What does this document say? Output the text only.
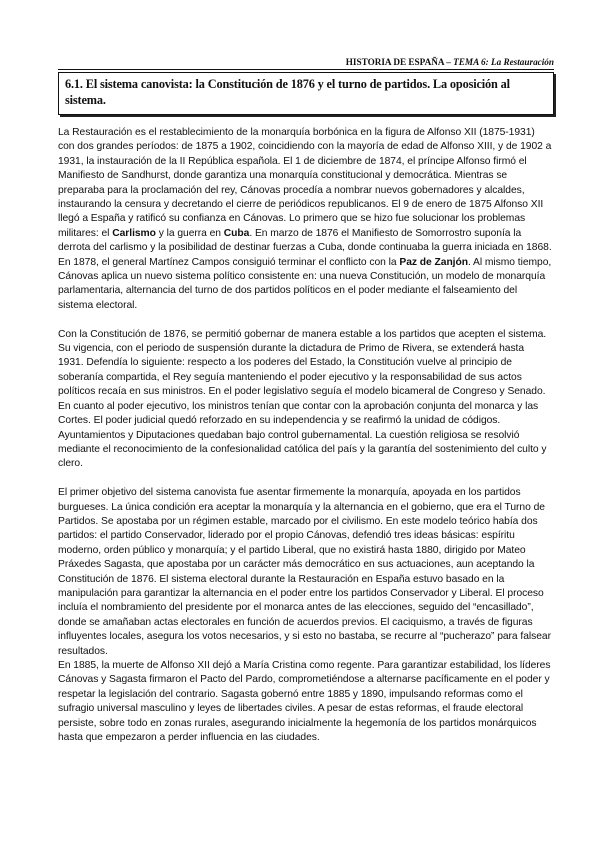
HISTORIA DE ESPAÑA – TEMA 6: La Restauración
6.1. El sistema canovista: la Constitución de 1876 y el turno de partidos. La oposición al sistema.

La Restauración es el restablecimiento de la monarquía borbónica en la figura de Alfonso XII (1875-1931) con dos grandes períodos: de 1875 a 1902, coincidiendo con la mayoría de edad de Alfonso XIII, y de 1902 a 1931, la instauración de la II República española. El 1 de diciembre de 1874, el príncipe Alfonso firmó el Manifiesto de Sandhurst, donde garantiza una monarquía constitucional y democrática. Mientras se preparaba para la proclamación del rey, Cánovas procedía a nombrar nuevos gobernadores y alcaldes, instaurando la censura y decretando el cierre de periódicos republicanos. El 9 de enero de 1875 Alfonso XII llegó a España y ratificó su confianza en Cánovas. Lo primero que se hizo fue solucionar los problemas militares: el Carlismo y la guerra en Cuba. En marzo de 1876 el Manifiesto de Somorrostro suponía la derrota del carlismo y la posibilidad de destinar fuerzas a Cuba, donde continuaba la guerra iniciada en 1868. En 1878, el general Martínez Campos consiguió terminar el conflicto con la Paz de Zanjón. Al mismo tiempo, Cánovas aplica un nuevo sistema político consistente en: una nueva Constitución, un modelo de monarquía parlamentaria, alternancia del turno de dos partidos políticos en el poder mediante el falseamiento del sistema electoral.

Con la Constitución de 1876, se permitió gobernar de manera estable a los partidos que acepten el sistema. Su vigencia, con el periodo de suspensión durante la dictadura de Primo de Rivera, se extenderá hasta 1931. Defendía lo siguiente: respecto a los poderes del Estado, la Constitución vuelve al principio de soberanía compartida, el Rey seguía manteniendo el poder ejecutivo y la responsabilidad de sus actos políticos recaía en sus ministros. En el poder legislativo seguía el modelo bicameral de Congreso y Senado. En cuanto al poder ejecutivo, los ministros tenían que contar con la aprobación conjunta del monarca y las Cortes. El poder judicial quedó reforzado en su independencia y se reafirmó la unidad de códigos. Ayuntamientos y Diputaciones quedaban bajo control gubernamental. La cuestión religiosa se resolvió mediante el reconocimiento de la confesionalidad católica del país y la garantía del sostenimiento del culto y clero.

El primer objetivo del sistema canovista fue asentar firmemente la monarquía, apoyada en los partidos burgueses. La única condición era aceptar la monarquía y la alternancia en el gobierno, que era el Turno de Partidos. Se apostaba por un régimen estable, marcado por el civilismo. En este modelo teórico había dos partidos: el partido Conservador, liderado por el propio Cánovas, defendió tres ideas básicas: espíritu moderno, orden público y monarquía; y el partido Liberal, que no existirá hasta 1880, dirigido por Mateo Práxedes Sagasta, que apostaba por un carácter más democrático en sus actuaciones, aun aceptando la Constitución de 1876. El sistema electoral durante la Restauración en España estuvo basado en la manipulación para garantizar la alternancia en el poder entre los partidos Conservador y Liberal. El proceso incluía el nombramiento del presidente por el monarca antes de las elecciones, seguido del “encasillado”, donde se amañaban actas electorales en función de acuerdos previos. El caciquismo, a través de figuras influyentes locales, asegura los votos necesarios, y si esto no bastaba, se recurre al “pucherazo” para falsear resultados.

En 1885, la muerte de Alfonso XII dejó a María Cristina como regente. Para garantizar estabilidad, los líderes Cánovas y Sagasta firmaron el Pacto del Pardo, comprometiéndose a alternarse pacíficamente en el poder y respetar la legislación del contrario. Sagasta gobernó entre 1885 y 1890, impulsando reformas como el sufragio universal masculino y leyes de libertades civiles. A pesar de estas reformas, el fraude electoral persiste, sobre todo en zonas rurales, asegurando inicialmente la hegemonía de los partidos monárquicos hasta que empezaron a perder influencia en las ciudades.
